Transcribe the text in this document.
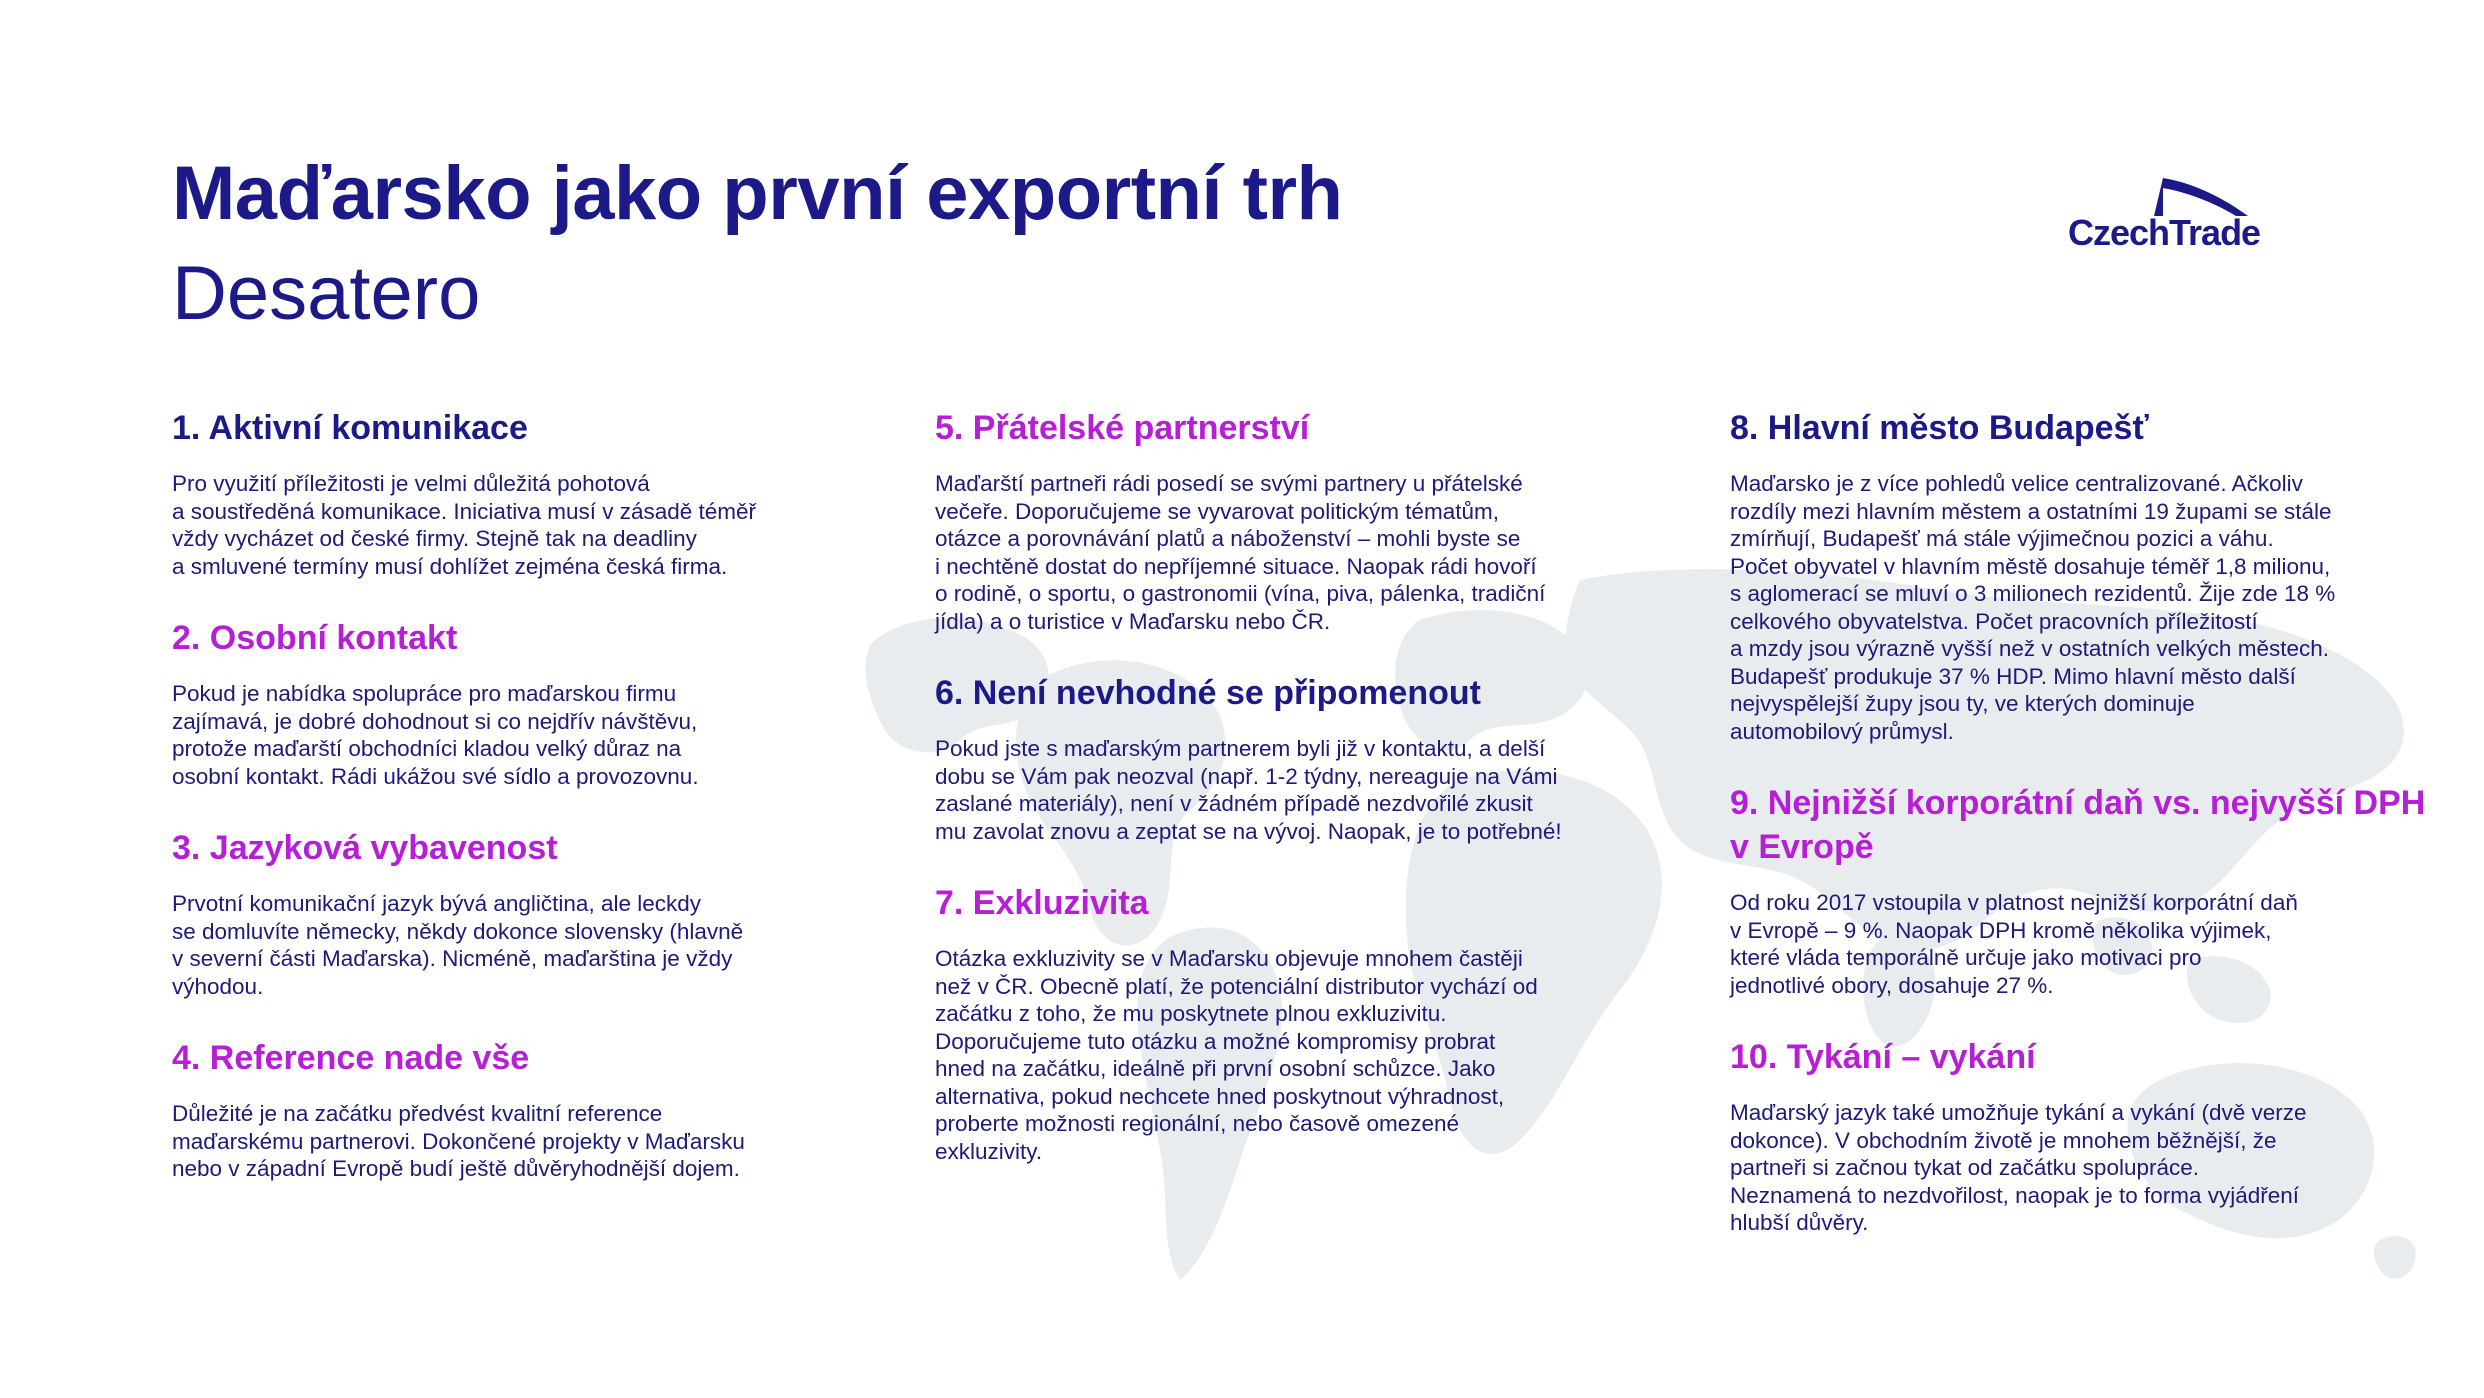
Maďarsko jako první exportní trh
Desatero
CzechTrade
1. Aktivní komunikace

Pro využití příležitosti je velmi důležitá pohotová
a soustředěná komunikace. Iniciativa musí v zásadě téměř
vždy vycházet od české firmy. Stejně tak na deadliny
a smluvené termíny musí dohlížet zejména česká firma.

2. Osobní kontakt

Pokud je nabídka spolupráce pro maďarskou firmu
zajímavá, je dobré dohodnout si co nejdřív návštěvu,
protože maďarští obchodníci kladou velký důraz na
osobní kontakt. Rádi ukážou své sídlo a provozovnu.

3. Jazyková vybavenost

Prvotní komunikační jazyk bývá angličtina, ale leckdy
se domluvíte německy, někdy dokonce slovensky (hlavně
v severní části Maďarska). Nicméně, maďarština je vždy
výhodou.

4. Reference nade vše

Důležité je na začátku předvést kvalitní reference
maďarskému partnerovi. Dokončené projekty v Maďarsku
nebo v západní Evropě budí ještě důvěryhodnější dojem.

5. Přátelské partnerství

Maďarští partneři rádi posedí se svými partnery u přátelské
večeře. Doporučujeme se vyvarovat politickým tématům,
otázce a porovnávání platů a náboženství – mohli byste se
i nechtěně dostat do nepříjemné situace. Naopak rádi hovoří
o rodině, o sportu, o gastronomii (vína, piva, pálenka, tradiční
jídla) a o turistice v Maďarsku nebo ČR.

6. Není nevhodné se připomenout

Pokud jste s maďarským partnerem byli již v kontaktu, a delší
dobu se Vám pak neozval (např. 1-2 týdny, nereaguje na Vámi
zaslané materiály), není v žádném případě nezdvořilé zkusit
mu zavolat znovu a zeptat se na vývoj. Naopak, je to potřebné!

7. Exkluzivita

Otázka exkluzivity se v Maďarsku objevuje mnohem častěji
než v ČR. Obecně platí, že potenciální distributor vychází od
začátku z toho, že mu poskytnete plnou exkluzivitu.
Doporučujeme tuto otázku a možné kompromisy probrat
hned na začátku, ideálně při první osobní schůzce. Jako
alternativa, pokud nechcete hned poskytnout výhradnost,
proberte možnosti regionální, nebo časově omezené
exkluzivity.

8. Hlavní město Budapešť

Maďarsko je z více pohledů velice centralizované. Ačkoliv
rozdíly mezi hlavním městem a ostatními 19 župami se stále
zmírňují, Budapešť má stále výjimečnou pozici a váhu.
Počet obyvatel v hlavním městě dosahuje téměř 1,8 milionu,
s aglomerací se mluví o 3 milionech rezidentů. Žije zde 18 %
celkového obyvatelstva. Počet pracovních příležitostí
a mzdy jsou výrazně vyšší než v ostatních velkých městech.
Budapešť produkuje 37 % HDP. Mimo hlavní město další
nejvyspělejší župy jsou ty, ve kterých dominuje
automobilový průmysl.

9. Nejnižší korporátní daň vs. nejvyšší DPH v Evropě

Od roku 2017 vstoupila v platnost nejnižší korporátní daň
v Evropě – 9 %. Naopak DPH kromě několika výjimek,
které vláda temporálně určuje jako motivaci pro
jednotlivé obory, dosahuje 27 %.

10. Tykání – vykání

Maďarský jazyk také umožňuje tykání a vykání (dvě verze
dokonce). V obchodním životě je mnohem běžnější, že
partneři si začnou tykat od začátku spolupráce.
Neznamená to nezdvořilost, naopak je to forma vyjádření
hlubší důvěry.
